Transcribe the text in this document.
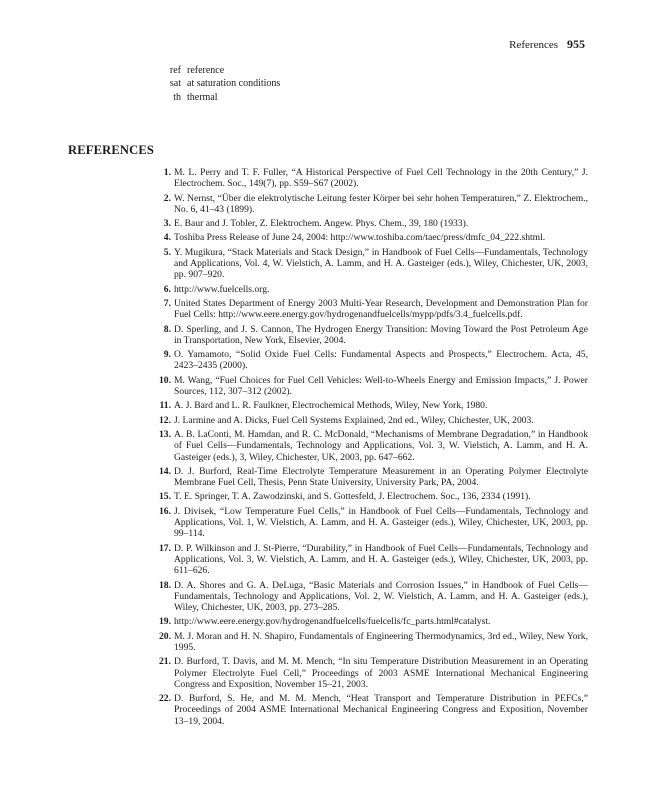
References 955
ref reference
sat at saturation conditions
th thermal
REFERENCES
1. M. L. Perry and T. F. Fuller, “A Historical Perspective of Fuel Cell Technology in the 20th Century,” J. Electrochem. Soc., 149(7), pp. S59–S67 (2002).
2. W. Nernst, “Über die elektrolytische Leitung fester Körper bei sehr hohen Temperaturen,” Z. Elektrochem., No. 6, 41–43 (1899).
3. E. Baur and J. Tobler, Z. Elektrochem. Angew. Phys. Chem., 39, 180 (1933).
4. Toshiba Press Release of June 24, 2004: http://www.toshiba.com/taec/press/dmfc_04_222.shtml.
5. Y. Mugikura, “Stack Materials and Stack Design,” in Handbook of Fuel Cells—Fundamentals, Technology and Applications, Vol. 4, W. Vielstich, A. Lamm, and H. A. Gasteiger (eds.), Wiley, Chichester, UK, 2003, pp. 907–920.
6. http://www.fuelcells.org.
7. United States Department of Energy 2003 Multi-Year Research, Development and Demonstration Plan for Fuel Cells: http://www.eere.energy.gov/hydrogenandfuelcells/mypp/pdfs/3.4_fuelcells.pdf.
8. D. Sperling, and J. S. Cannon, The Hydrogen Energy Transition: Moving Toward the Post Petroleum Age in Transportation, New York, Elsevier, 2004.
9. O. Yamamoto, “Solid Oxide Fuel Cells: Fundamental Aspects and Prospects,” Electrochem. Acta, 45, 2423–2435 (2000).
10. M. Wang, “Fuel Choices for Fuel Cell Vehicles: Well-to-Wheels Energy and Emission Impacts,” J. Power Sources, 112, 307–312 (2002).
11. A. J. Bard and L. R. Faulkner, Electrochemical Methods, Wiley, New York, 1980.
12. J. Larmine and A. Dicks, Fuel Cell Systems Explained, 2nd ed., Wiley, Chichester, UK, 2003.
13. A. B. LaConti, M. Hamdan, and R. C. McDonald, “Mechanisms of Membrane Degradation,” in Handbook of Fuel Cells—Fundamentals, Technology and Applications, Vol. 3, W. Vielstich, A. Lamm, and H. A. Gasteiger (eds.), 3, Wiley, Chichester, UK, 2003, pp. 647–662.
14. D. J. Burford, Real-Time Electrolyte Temperature Measurement in an Operating Polymer Electrolyte Membrane Fuel Cell, Thesis, Penn State University, University Park, PA, 2004.
15. T. E. Springer, T. A. Zawodzinski, and S. Gottesfeld, J. Electrochem. Soc., 136, 2334 (1991).
16. J. Divisek, “Low Temperature Fuel Cells,” in Handbook of Fuel Cells—Fundamentals, Technology and Applications, Vol. 1, W. Vielstich, A. Lamm, and H. A. Gasteiger (eds.), Wiley, Chichester, UK, 2003, pp. 99–114.
17. D. P. Wilkinson and J. St-Pierre, “Durability,” in Handbook of Fuel Cells—Fundamentals, Technology and Applications, Vol. 3, W. Vielstich, A. Lamm, and H. A. Gasteiger (eds.), Wiley, Chichester, UK, 2003, pp. 611–626.
18. D. A. Shores and G. A. DeLuga, “Basic Materials and Corrosion Issues,” in Handbook of Fuel Cells—Fundamentals, Technology and Applications, Vol. 2, W. Vielstich, A. Lamm, and H. A. Gasteiger (eds.), Wiley, Chichester, UK, 2003, pp. 273–285.
19. http://www.eere.energy.gov/hydrogenandfuelcells/fuelcells/fc_parts.html#catalyst.
20. M. J. Moran and H. N. Shapiro, Fundamentals of Engineering Thermodynamics, 3rd ed., Wiley, New York, 1995.
21. D. Burford, T. Davis, and M. M. Mench, “In situ Temperature Distribution Measurement in an Operating Polymer Electrolyte Fuel Cell,” Proceedings of 2003 ASME International Mechanical Engineering Congress and Exposition, November 15–21, 2003.
22. D. Burford, S. He, and M. M. Mench, “Heat Transport and Temperature Distribution in PEFCs,” Proceedings of 2004 ASME International Mechanical Engineering Congress and Exposition, November 13–19, 2004.
